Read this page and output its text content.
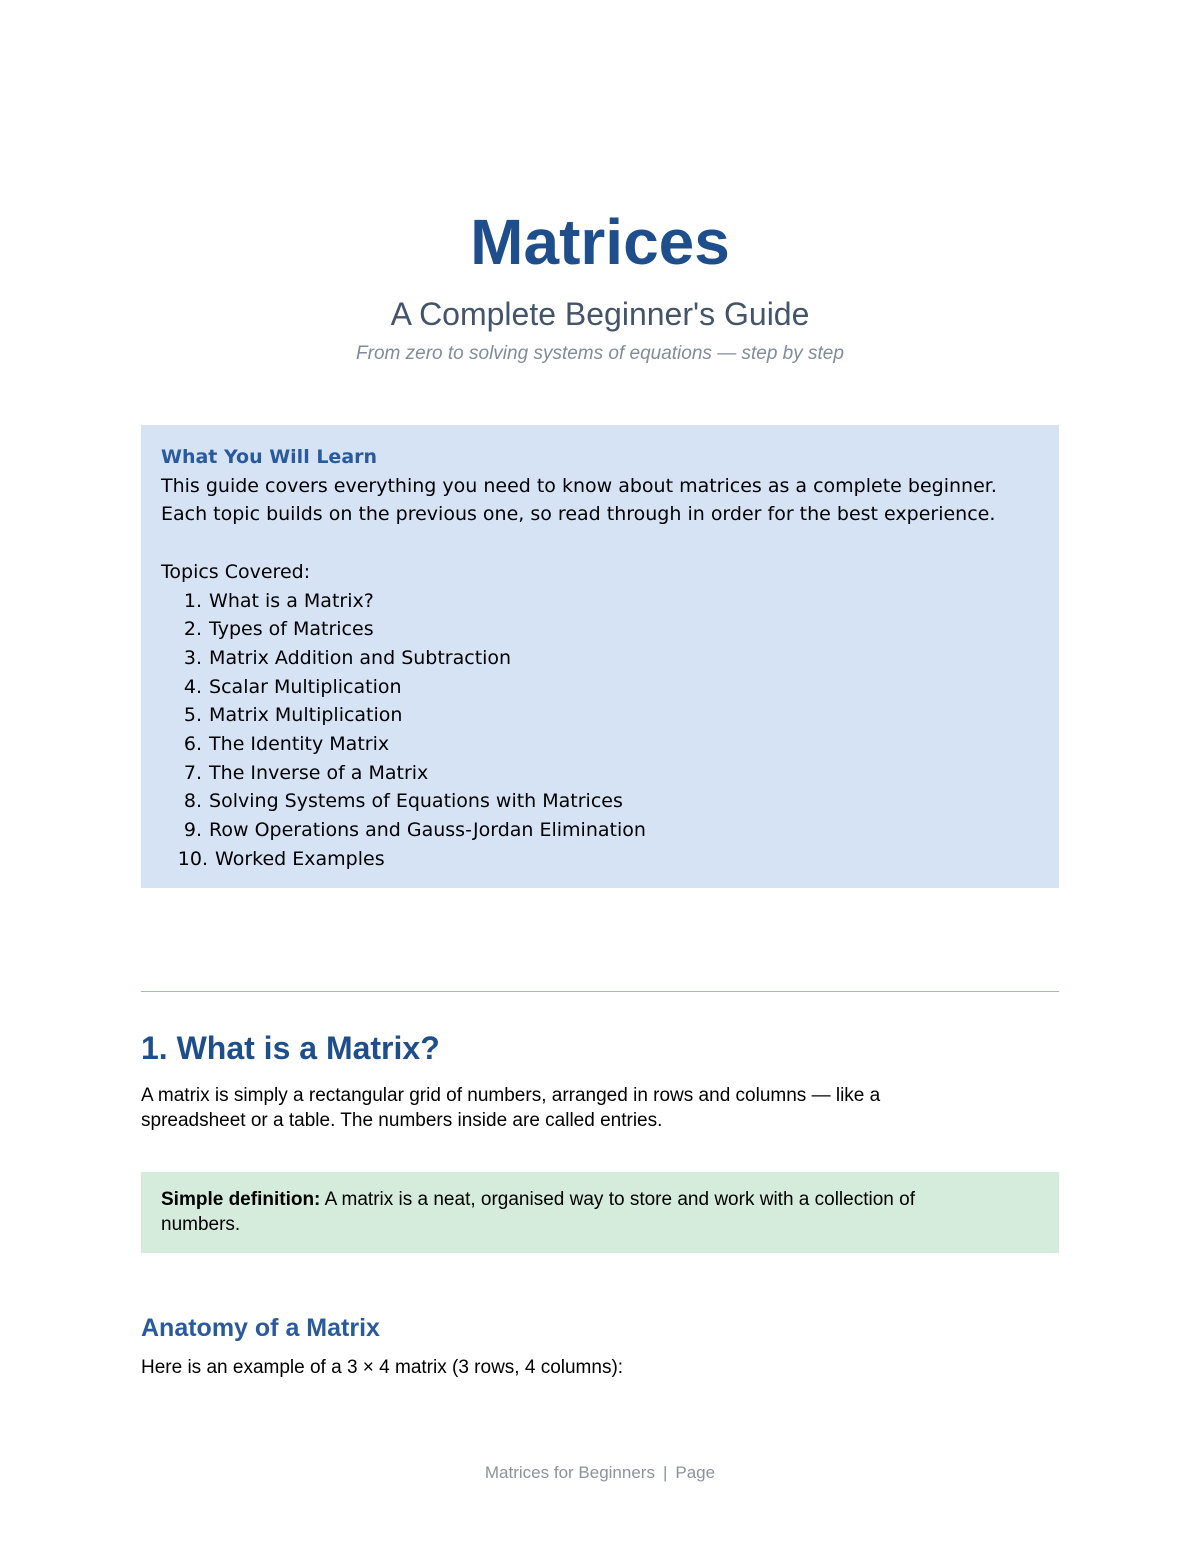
Matrices

A Complete Beginner's Guide

From zero to solving systems of equations — step by step

What You Will Learn

This guide covers everything you need to know about matrices as a complete beginner.

Each topic builds on the previous one, so read through in order for the best experience.

Topics Covered:

1.
What is a Matrix?
2.
Types of Matrices
3.
Matrix Addition and Subtraction
4.
Scalar Multiplication
5.
Matrix Multiplication
6.
The Identity Matrix
7.
The Inverse of a Matrix
8.
Solving Systems of Equations with Matrices
9.
Row Operations and Gauss-Jordan Elimination
10.
Worked Examples
1. What is a Matrix?

A matrix is simply a rectangular grid of numbers, arranged in rows and columns — like a
spreadsheet or a table. The numbers inside are called entries.

Simple definition: A matrix is a neat, organised way to store and work with a collection of
numbers.
Anatomy of a Matrix

Here is an example of a 3 × 4 matrix (3 rows, 4 columns):

Matrices for Beginners | Page
